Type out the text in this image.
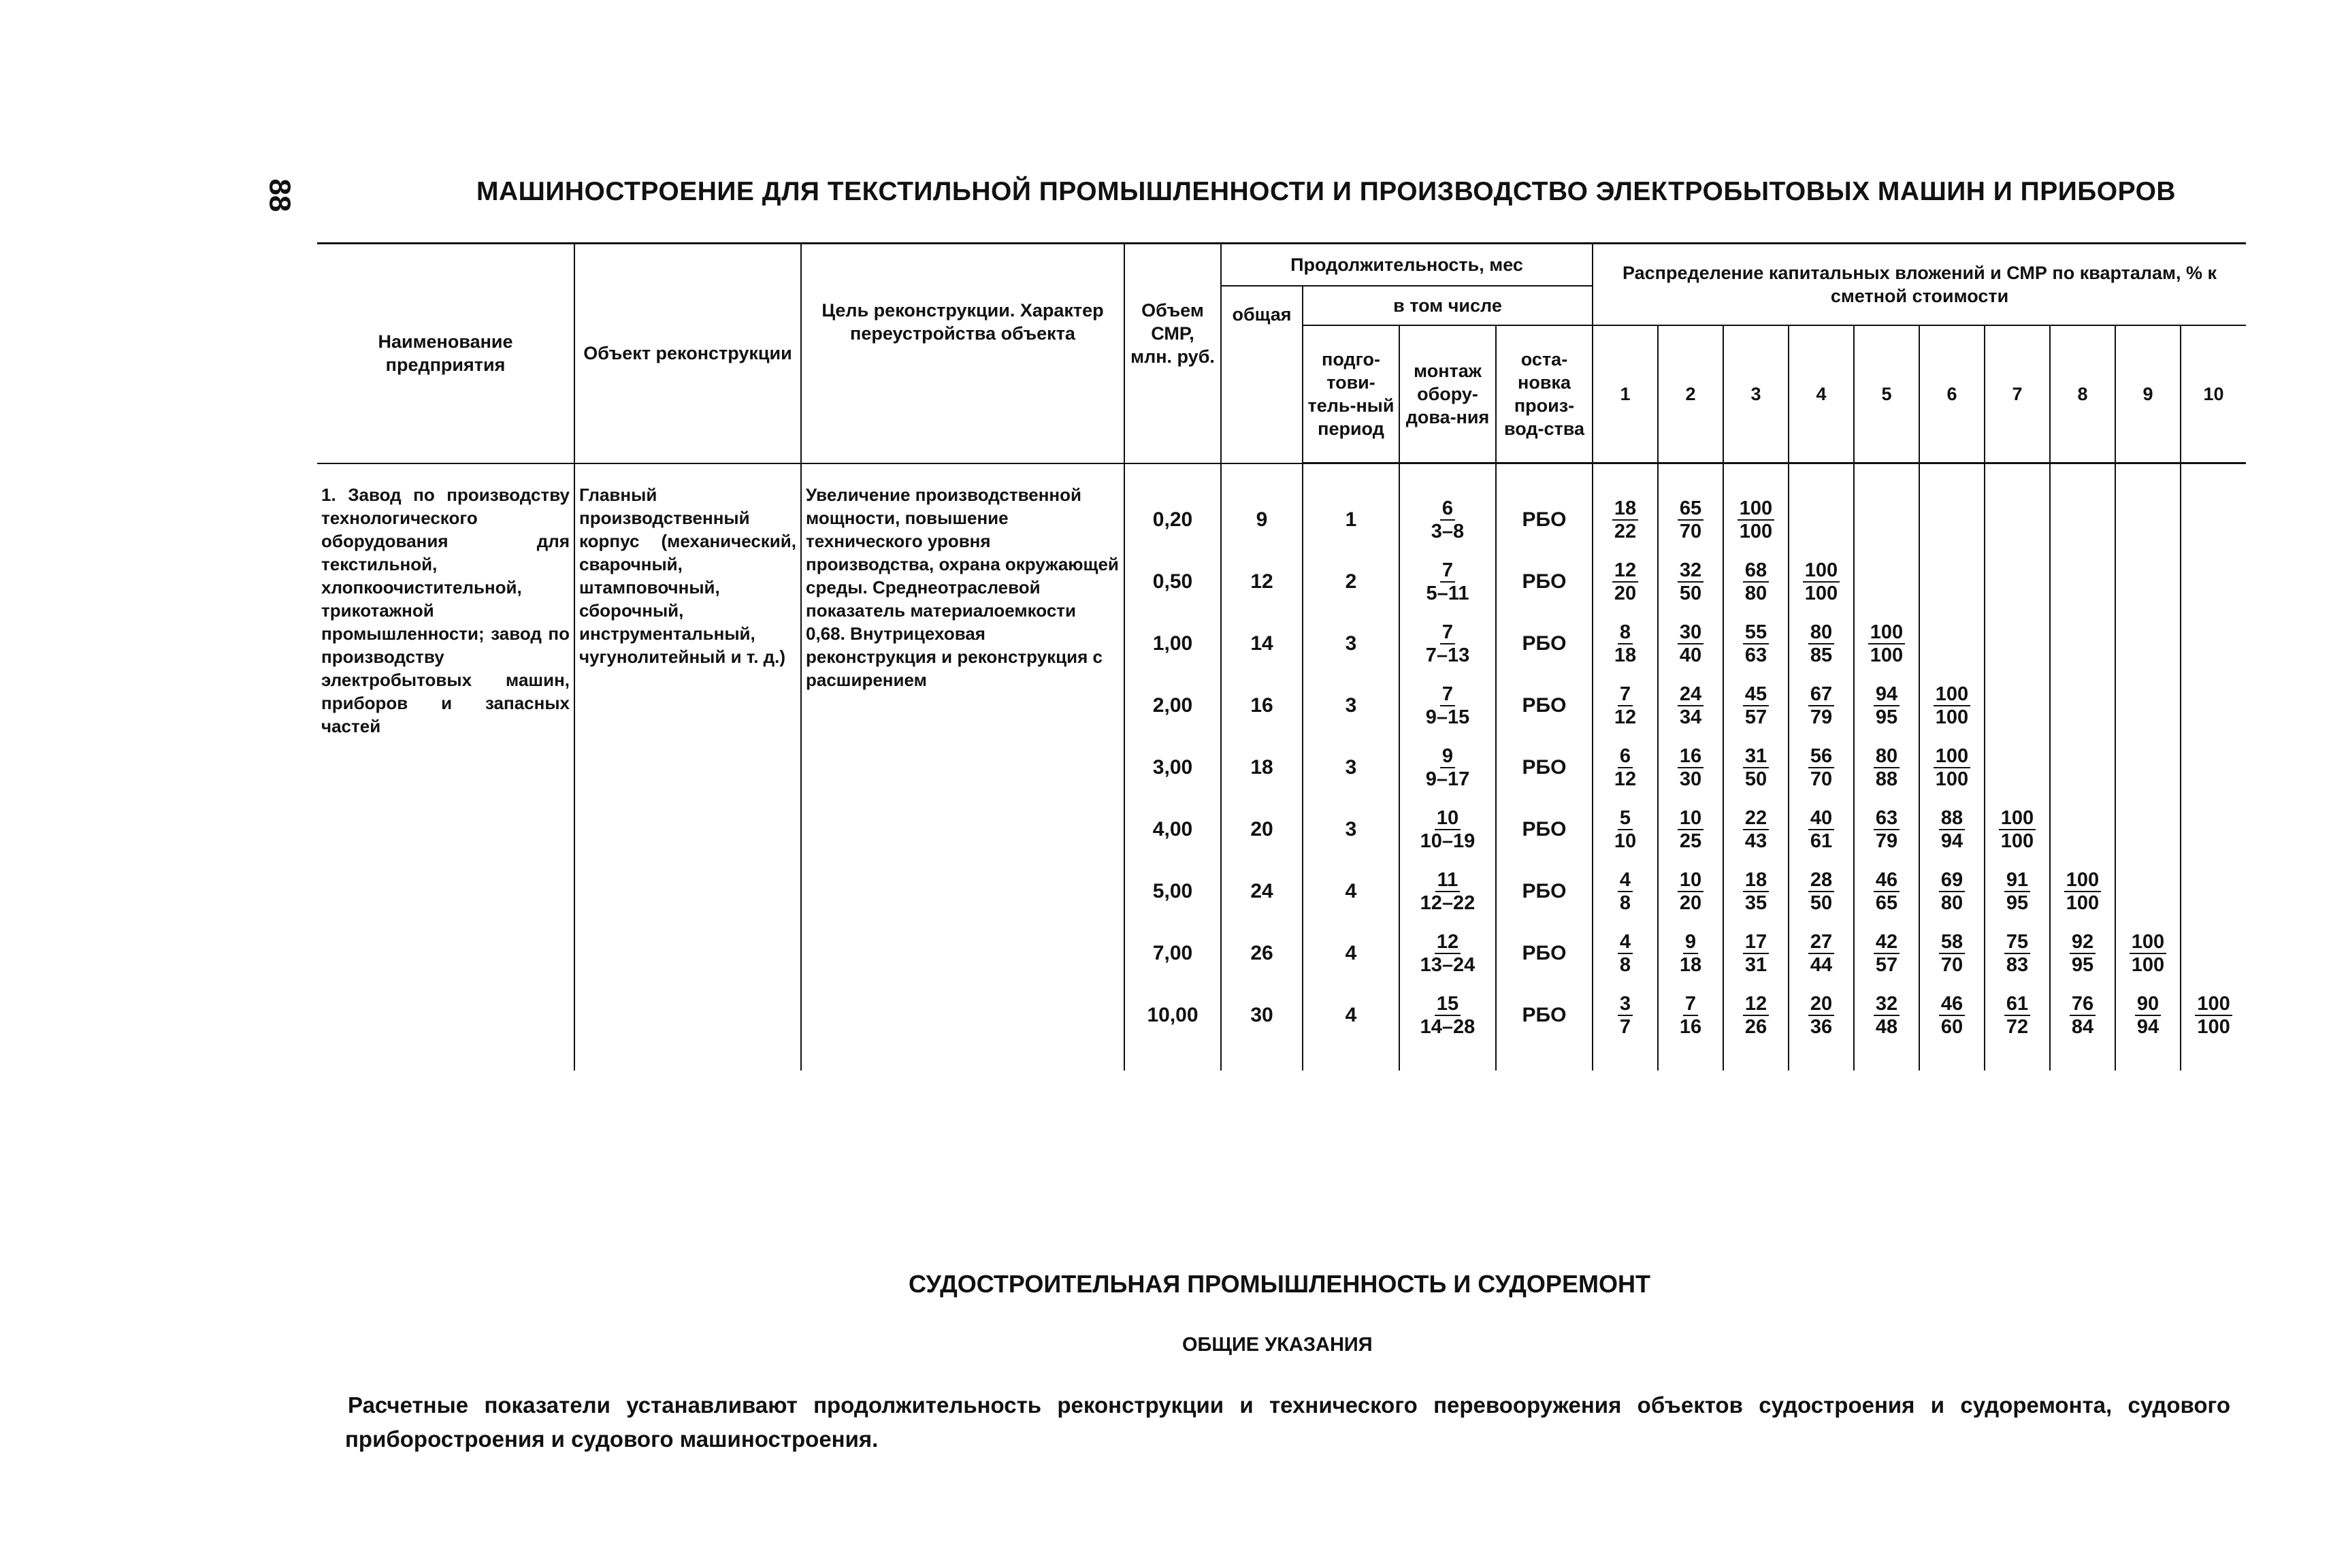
88	МАШИНОСТРОЕНИЕ ДЛЯ ТЕКСТИЛЬНОЙ ПРОМЫШЛЕННОСТИ И ПРОИЗВОДСТВО ЭЛЕКТРОБЫТОВЫХ МАШИН И ПРИБОРОВ
Наименование предприятия	Объект реконструкции	Цель реконструкции. Характер переустройства объекта	Объем СМР, млн. руб.	Продолжительность, мес				Распределение капитальных вложений и СМР по кварталам, % к сметной стоимости									
				общая	в том числе												
					подго-тови-тель-ный период	монтаж обору-дова-ния	оста-новка произ-вод-ства	1	2	3	4	5	6	7	8	9	10
1. Завод по производству технологического оборудования для текстильной, хлопкоочистительной, трикотажной промышленности; завод по производству электробытовых машин, приборов и запасных частей	Главный производственный корпус (механический, сварочный, штамповочный, сборочный, инструментальный, чугунолитейный и т. д.)	Увеличение производственной мощности, повышение технического уровня производства, охрана окружающей среды. Среднеотраслевой показатель материалоемкости 0,68. Внутрицеховая реконструкция и реконструкция с расширением															
			0,20	9	1	$\frac{6}{3-8}$	РБО	$\frac{18}{22}$	$\frac{65}{70}$	$\frac{100}{100}$

			0,50	12	2	$\frac{7}{5-11}$	РБО	$\frac{12}{20}$	$\frac{32}{50}$	$\frac{68}{80}$	$\frac{100}{100}$

			1,00	14	3	$\frac{7}{7-13}$	РБО	$\frac{8}{18}$	$\frac{30}{40}$	$\frac{55}{63}$	$\frac{80}{85}$	$\frac{100}{100}$

			2,00	16	3	$\frac{7}{9-15}$	РБО	$\frac{7}{12}$	$\frac{24}{34}$	$\frac{45}{57}$	$\frac{67}{79}$	$\frac{94}{95}$	$\frac{100}{100}$

			3,00	18	3	$\frac{9}{9-17}$	РБО	$\frac{6}{12}$	$\frac{16}{30}$	$\frac{31}{50}$	$\frac{56}{70}$	$\frac{80}{88}$	$\frac{100}{100}$

			4,00	20	3	$\frac{10}{10-19}$	РБО	$\frac{5}{10}$	$\frac{10}{25}$	$\frac{22}{43}$	$\frac{40}{61}$	$\frac{63}{79}$	$\frac{88}{94}$	$\frac{100}{100}$

			5,00	24	4	$\frac{11}{12-22}$	РБО	$\frac{4}{8}$	$\frac{10}{20}$	$\frac{18}{35}$	$\frac{28}{50}$	$\frac{46}{65}$	$\frac{69}{80}$	$\frac{91}{95}$	$\frac{100}{100}$

			7,00	26	4	$\frac{12}{13-24}$	РБО	$\frac{4}{8}$	$\frac{9}{18}$	$\frac{17}{31}$	$\frac{27}{44}$	$\frac{42}{57}$	$\frac{58}{70}$	$\frac{75}{83}$	$\frac{92}{95}$	$\frac{100}{100}$

			10,00	30	4	$\frac{15}{14-28}$	РБО	$\frac{3}{7}$	$\frac{7}{16}$	$\frac{12}{26}$	$\frac{20}{36}$	$\frac{32}{48}$	$\frac{46}{60}$	$\frac{61}{72}$	$\frac{76}{84}$	$\frac{90}{94}$	$\frac{100}{100}$

СУДОСТРОИТЕЛЬНАЯ ПРОМЫШЛЕННОСТЬ И СУДОРЕМОНТ
ОБЩИЕ УКАЗАНИЯ
Расчетные показатели устанавливают продолжительность реконструкции и технического перевооружения объектов судостроения и судоремонта, судового приборостроения и судового машиностроения.
